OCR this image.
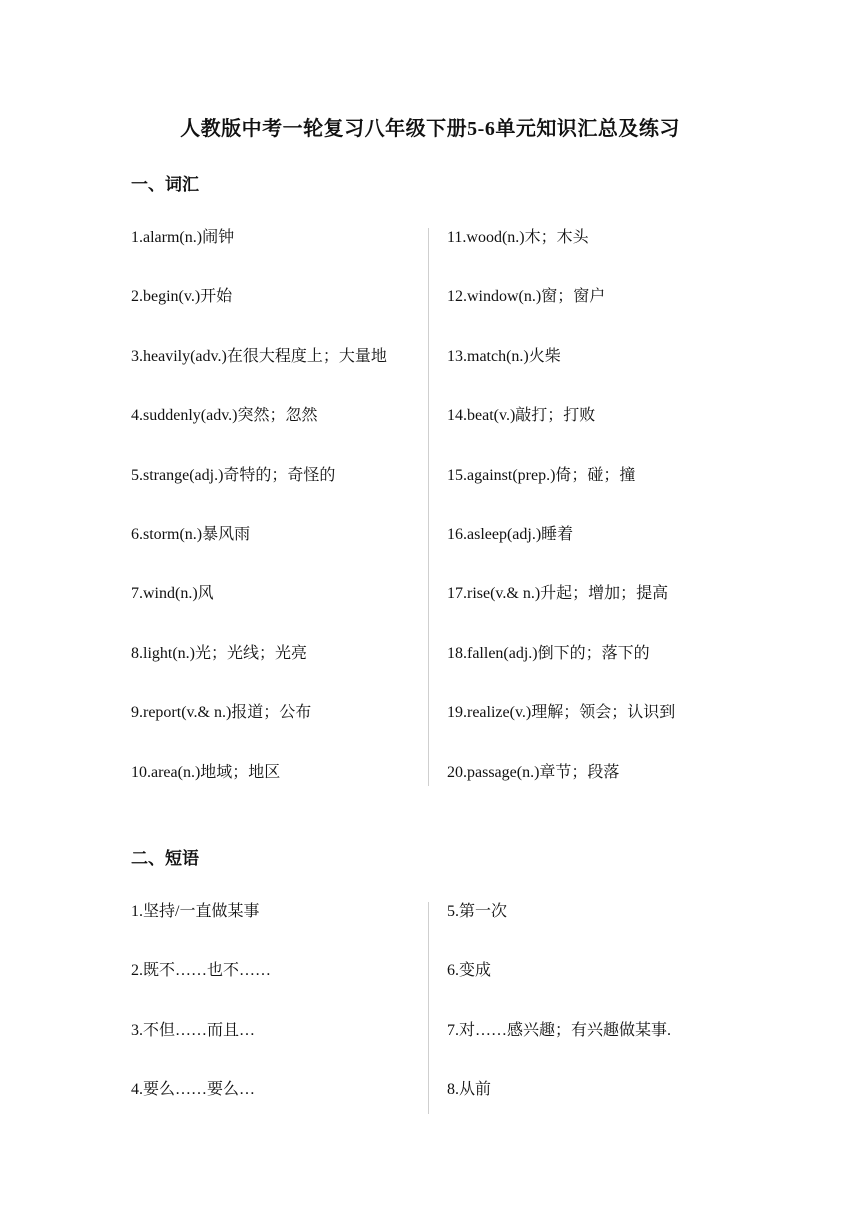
人教版中考一轮复习八年级下册5-6单元知识汇总及练习
一、词汇
1.alarm(n.)闹钟
2.begin(v.)开始
3.heavily(adv.)在很大程度上；大量地
4.suddenly(adv.)突然；忽然
5.strange(adj.)奇特的；奇怪的
6.storm(n.)暴风雨
7.wind(n.)风
8.light(n.)光；光线；光亮
9.report(v.& n.)报道；公布
10.area(n.)地域；地区
11.wood(n.)木；木头
12.window(n.)窗；窗户
13.match(n.)火柴
14.beat(v.)敲打；打败
15.against(prep.)倚；碰；撞
16.asleep(adj.)睡着
17.rise(v.& n.)升起；增加；提高
18.fallen(adj.)倒下的；落下的
19.realize(v.)理解；领会；认识到
20.passage(n.)章节；段落
二、短语
1.坚持/一直做某事
2.既不……也不……
3.不但……而且…
4.要么……要么…
5.第一次
6.变成
7.对……感兴趣；有兴趣做某事.
8.从前
